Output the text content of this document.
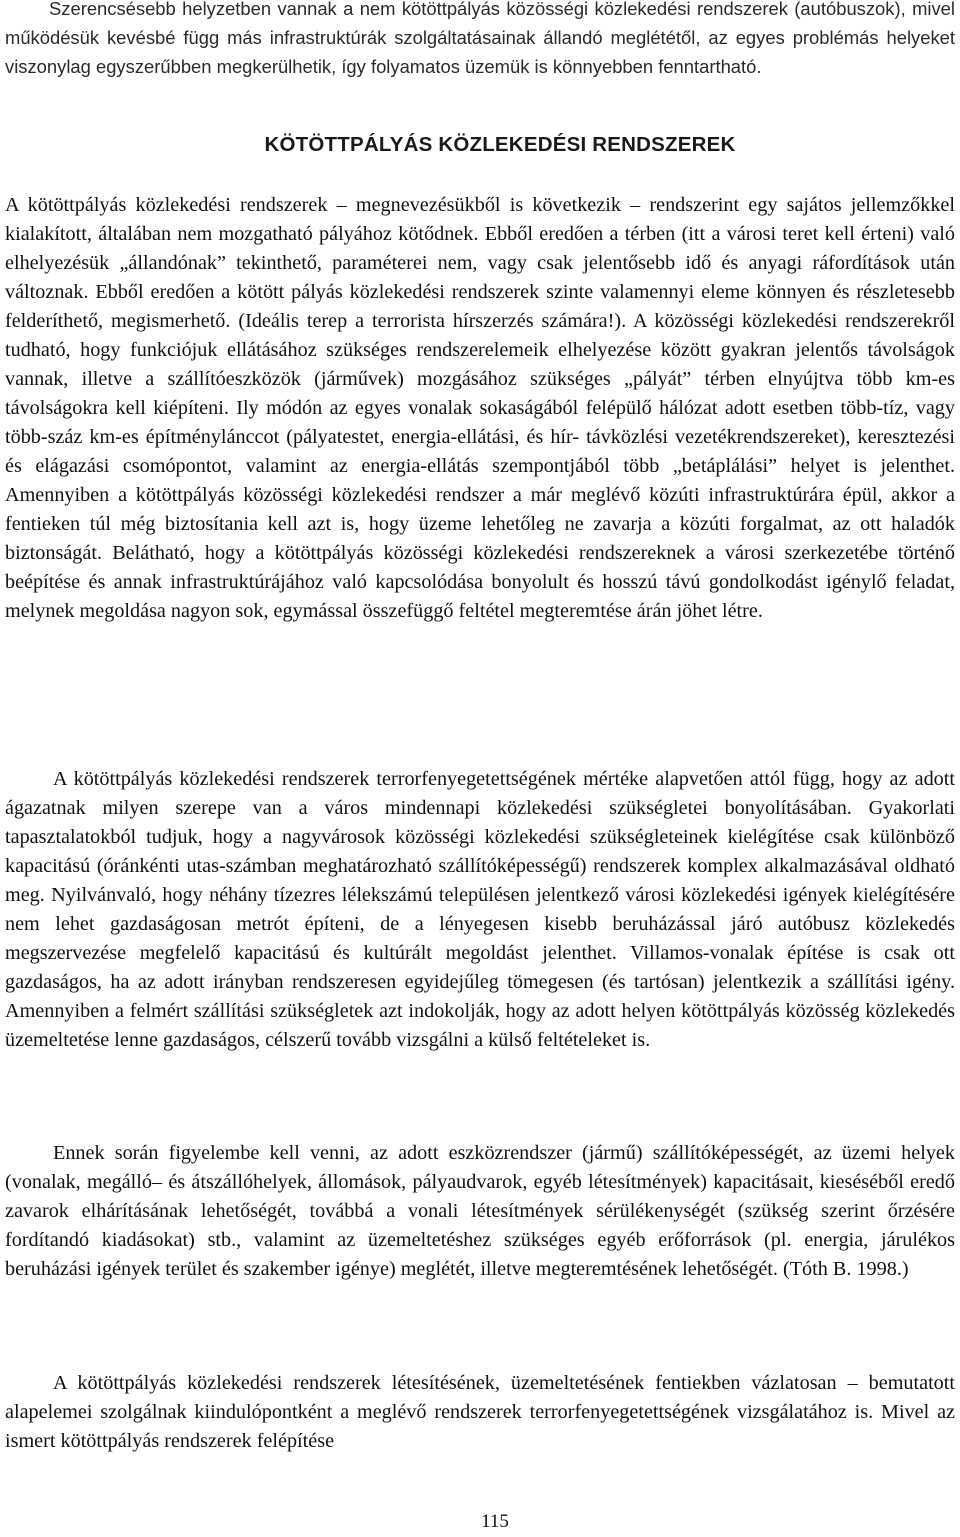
Szerencsésebb helyzetben vannak a nem kötöttpályás közösségi közlekedési rendszerek (autóbuszok), mivel működésük kevésbé függ más infrastruktúrák szolgáltatásainak állandó meglététől, az egyes problémás helyeket viszonylag egyszerűbben megkerülhetik, így folyamatos üzemük is könnyebben fenntartható.

KÖTÖTTPÁLYÁS KÖZLEKEDÉSI RENDSZEREK

A kötöttpályás közlekedési rendszerek – megnevezésükből is következik – rendszerint egy sajátos jellemzőkkel kialakított, általában nem mozgatható pályához kötődnek. Ebből eredően a térben (itt a városi teret kell érteni) való elhelyezésük „állandónak” tekinthető, paraméterei nem, vagy csak jelentősebb idő és anyagi ráfordítások után változnak. Ebből eredően a kötött pályás közlekedési rendszerek szinte valamennyi eleme könnyen és részletesebb felderíthető, megismerhető. (Ideális terep a terrorista hírszerzés számára!). A közösségi közlekedési rendszerekről tudható, hogy funkciójuk ellátásához szükséges rendszerelemeik elhelyezése között gyakran jelentős távolságok vannak, illetve a szállítóeszközök (járművek) mozgásához szükséges „pályát” térben elnyújtva több km-es távolságokra kell kiépíteni. Ily módón az egyes vonalak sokaságából felépülő hálózat adott esetben több-tíz, vagy több-száz km-es építménylánccot (pályatestet, energia-ellátási, és hír- távközlési vezetékrendszereket), keresztezési és elágazási csomópontot, valamint az energia-ellátás szempontjából több „betáplálási” helyet is jelenthet. Amennyiben a kötöttpályás közösségi közlekedési rendszer a már meglévő közúti infrastruktúrára épül, akkor a fentieken túl még biztosítania kell azt is, hogy üzeme lehetőleg ne zavarja a közúti forgalmat, az ott haladók biztonságát. Belátható, hogy a kötöttpályás közösségi közlekedési rendszereknek a városi szerkezetébe történő beépítése és annak infrastruktúrájához való kapcsolódása bonyolult és hosszú távú gondolkodást igénylő feladat, melynek megoldása nagyon sok, egymással összefüggő feltétel megteremtése árán jöhet létre.

A kötöttpályás közlekedési rendszerek terrorfenyegetettségének mértéke alapvetően attól függ, hogy az adott ágazatnak milyen szerepe van a város mindennapi közlekedési szükségletei bonyolításában. Gyakorlati tapasztalatokból tudjuk, hogy a nagyvárosok közösségi közlekedési szükségleteinek kielégítése csak különböző kapacitású (óránkénti utas-számban meghatározható szállítóképességű) rendszerek komplex alkalmazásával oldható meg. Nyilvánvaló, hogy néhány tízezres lélekszámú településen jelentkező városi közlekedési igények kielégítésére nem lehet gazdaságosan metrót építeni, de a lényegesen kisebb beruházással járó autóbusz közlekedés megszervezése megfelelő kapacitású és kultúrált megoldást jelenthet. Villamos-vonalak építése is csak ott gazdaságos, ha az adott irányban rendszeresen egyidejűleg tömegesen (és tartósan) jelentkezik a szállítási igény. Amennyiben a felmért szállítási szükségletek azt indokolják, hogy az adott helyen kötöttpályás közösség közlekedés üzemeltetése lenne gazdaságos, célszerű tovább vizsgálni a külső feltételeket is.

Ennek során figyelembe kell venni, az adott eszközrendszer (jármű) szállítóképességét, az üzemi helyek (vonalak, megálló– és átszállóhelyek, állomások, pályaudvarok, egyéb létesítmények) kapacitásait, kieséséből eredő zavarok elhárításának lehetőségét, továbbá a vonali létesítmények sérülékenységét (szükség szerint őrzésére fordítandó kiadásokat) stb., valamint az üzemeltetéshez szükséges egyéb erőforrások (pl. energia, járulékos beruházási igények terület és szakember igénye) meglétét, illetve megteremtésének lehetőségét. (Tóth B. 1998.)

A kötöttpályás közlekedési rendszerek létesítésének, üzemeltetésének fentiekben vázlatosan – bemutatott alapelemei szolgálnak kiindulópontként a meglévő rendszerek terrorfenyegetettségének vizsgálatához is. Mivel az ismert kötöttpályás rendszerek felépítése

115
